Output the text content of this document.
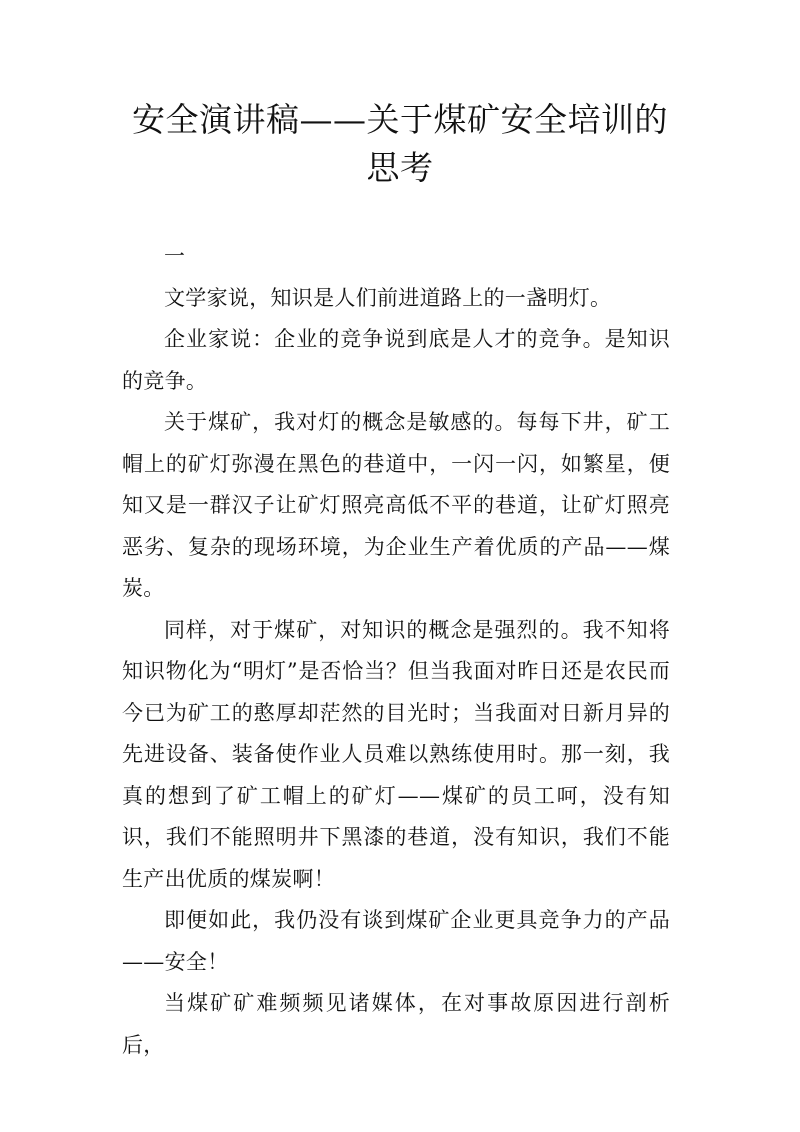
安全演讲稿——关于煤矿安全培训的思考

一

文学家说，知识是人们前进道路上的一盏明灯。

企业家说：企业的竞争说到底是人才的竞争。是知识的竞争。

关于煤矿，我对灯的概念是敏感的。每每下井，矿工帽上的矿灯弥漫在黑色的巷道中，一闪一闪，如繁星，便知又是一群汉子让矿灯照亮高低不平的巷道，让矿灯照亮恶劣、复杂的现场环境，为企业生产着优质的产品——煤炭。

同样，对于煤矿，对知识的概念是强烈的。我不知将知识物化为“明灯”是否恰当？但当我面对昨日还是农民而今已为矿工的憨厚却茫然的目光时；当我面对日新月异的先进设备、装备使作业人员难以熟练使用时。那一刻，我真的想到了矿工帽上的矿灯——煤矿的员工呵，没有知识，我们不能照明井下黑漆的巷道，没有知识，我们不能生产出优质的煤炭啊！

即便如此，我仍没有谈到煤矿企业更具竞争力的产品——安全！

当煤矿矿难频频见诸媒体，在对事故原因进行剖析后，
